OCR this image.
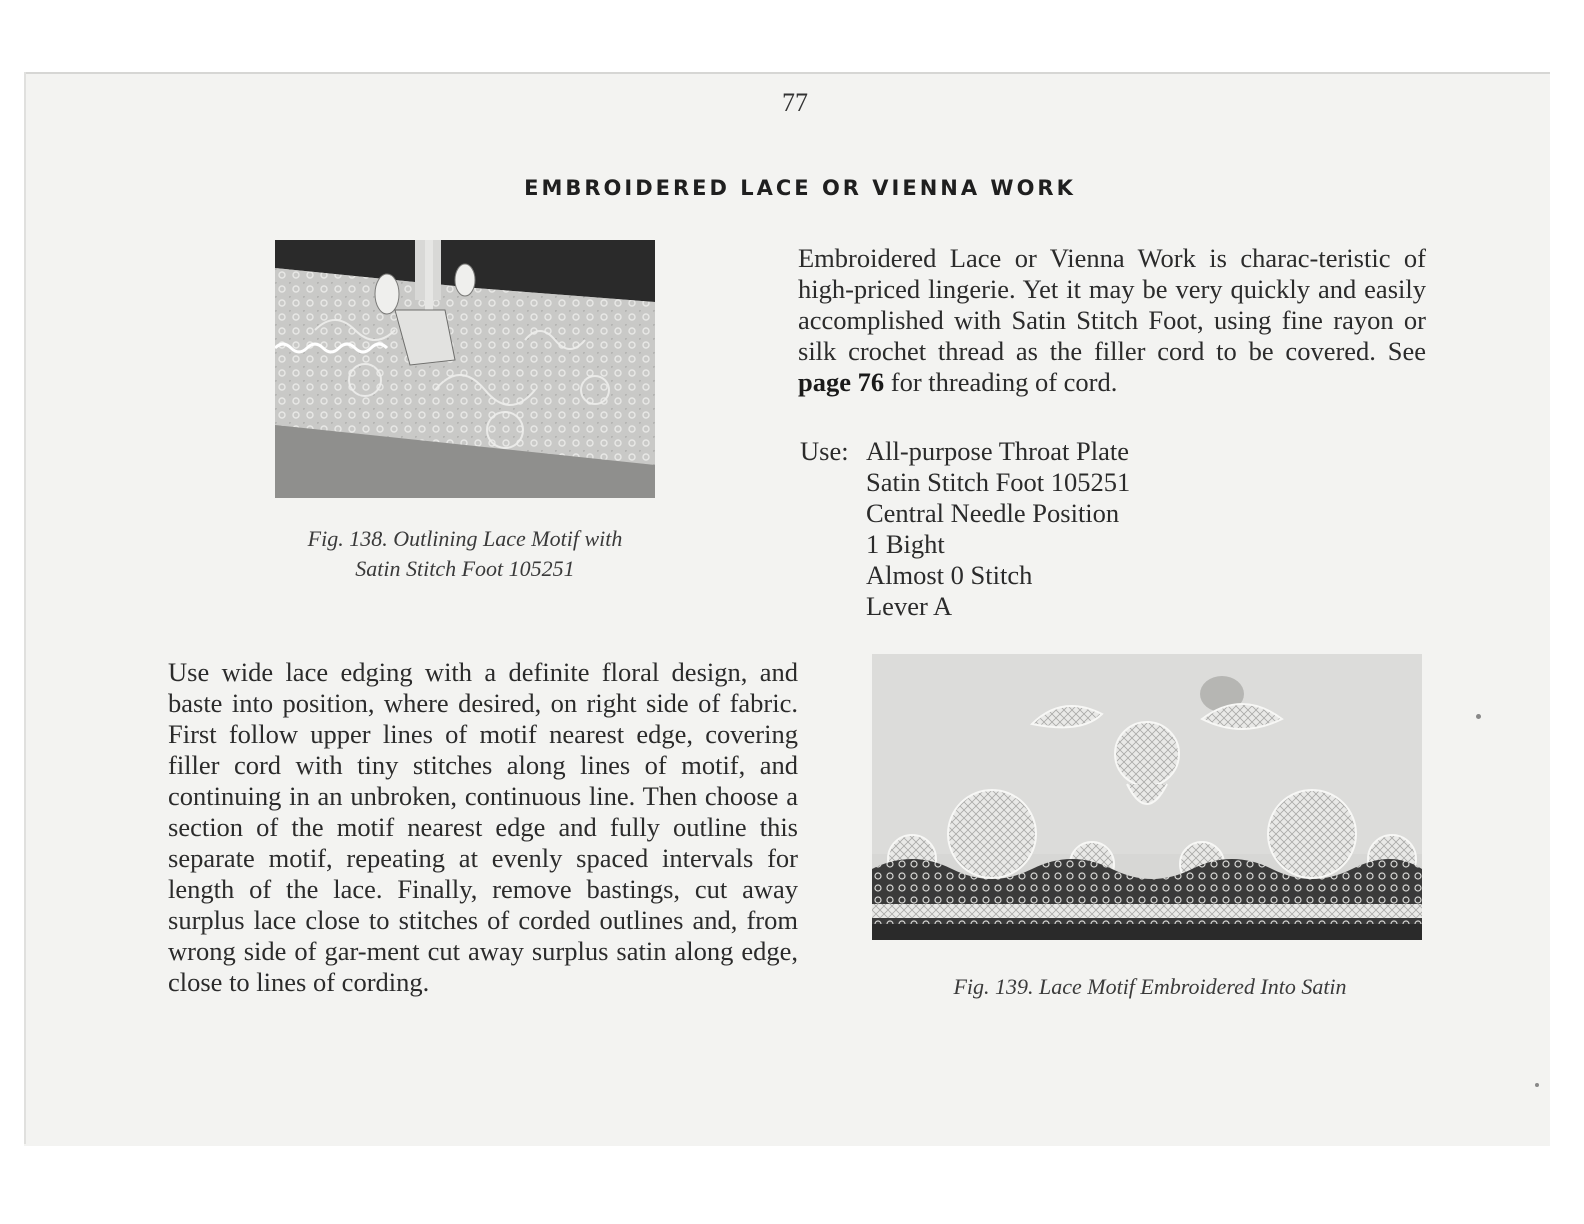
77
EMBROIDERED LACE OR VIENNA WORK
Fig. 138. Outlining Lace Motif with
Satin Stitch Foot 105251
Embroidered Lace or Vienna Work is charac-teristic of high-priced lingerie. Yet it may be very quickly and easily accomplished with Satin Stitch Foot, using fine rayon or silk crochet thread as the filler cord to be covered. See page 76 for threading of cord.
Use: All-purpose Throat Plate
Satin Stitch Foot 105251
Central Needle Position
1 Bight
Almost 0 Stitch
Lever A
Use wide lace edging with a definite floral design, and baste into position, where desired, on right side of fabric. First follow upper lines of motif nearest edge, covering filler cord with tiny stitches along lines of motif, and continuing in an unbroken, continuous line. Then choose a section of the motif nearest edge and fully outline this separate motif, repeating at evenly spaced intervals for length of the lace. Finally, remove bastings, cut away surplus lace close to stitches of corded outlines and, from wrong side of gar-ment cut away surplus satin along edge, close to lines of cording.	Fig. 139. Lace Motif Embroidered Into Satin
